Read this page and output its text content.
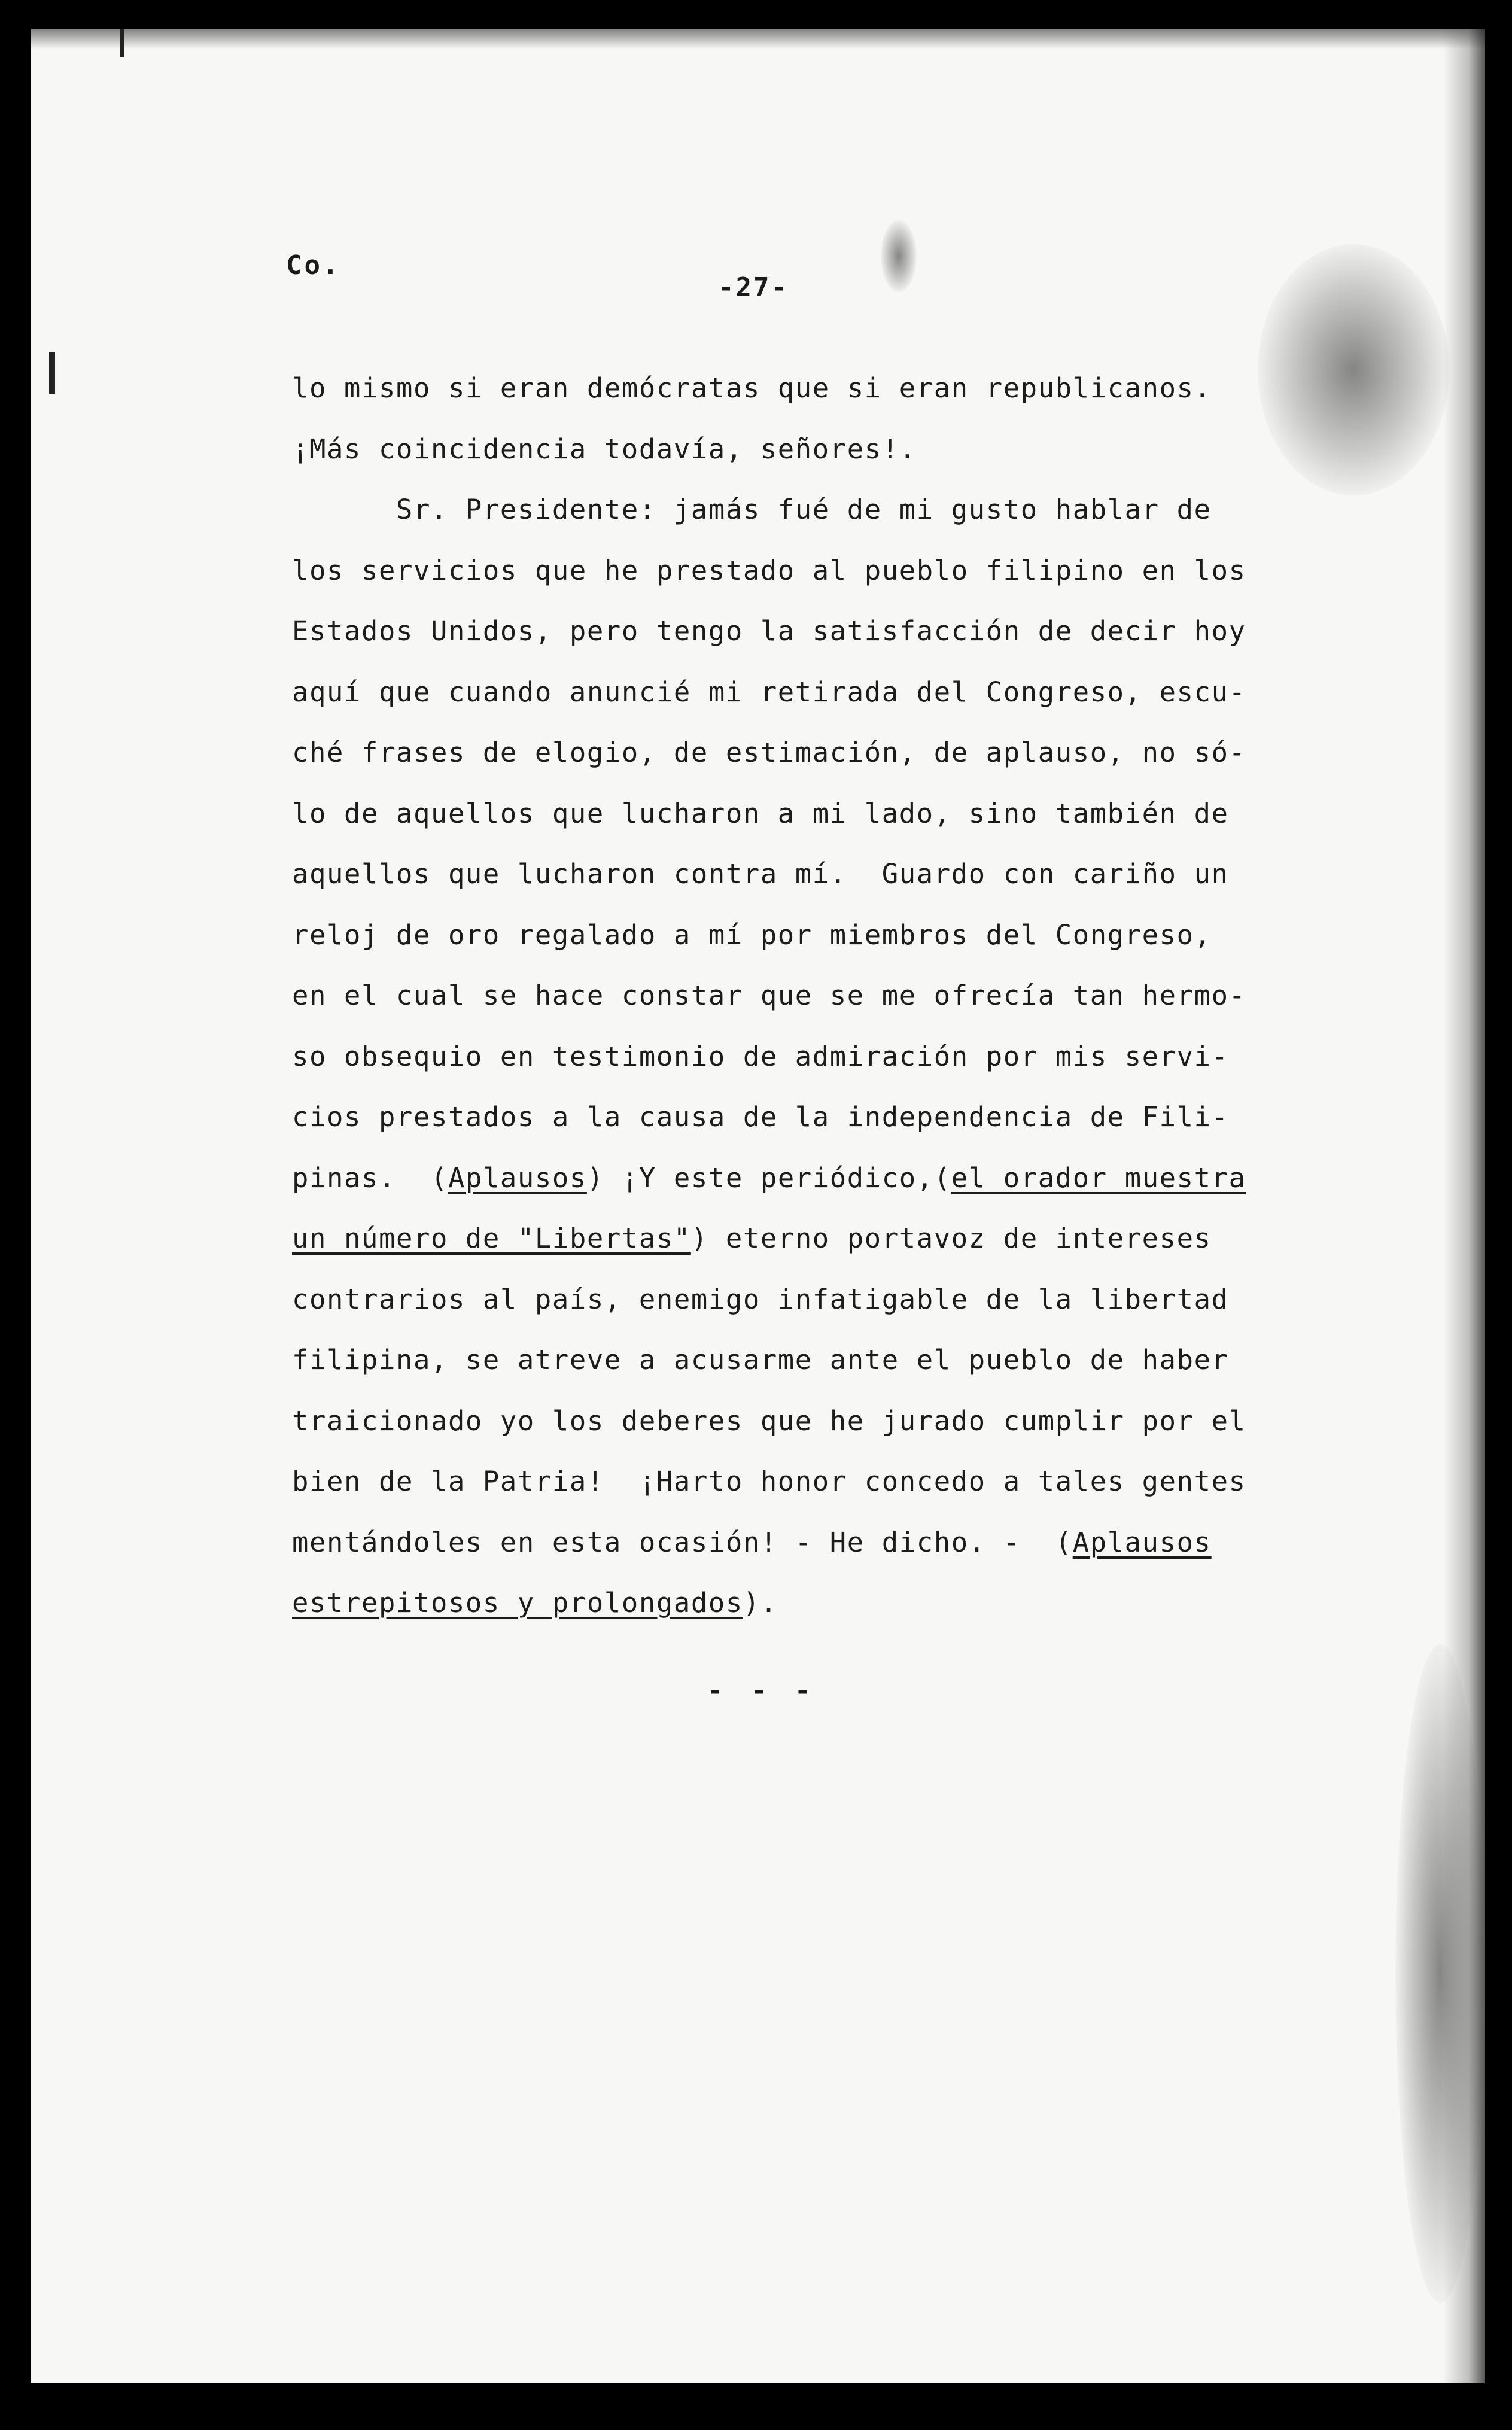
Co.
-27-
lo mismo si eran demócratas que si eran republicanos.
¡Más coincidencia todavía, señores!.
Sr. Presidente: jamás fué de mi gusto hablar de
los servicios que he prestado al pueblo filipino en los
Estados Unidos, pero tengo la satisfacción de decir hoy
aquí que cuando anuncié mi retirada del Congreso, escu-
ché frases de elogio, de estimación, de aplauso, no só-
lo de aquellos que lucharon a mi lado, sino también de
aquellos que lucharon contra mí.  Guardo con cariño un
reloj de oro regalado a mí por miembros del Congreso,
en el cual se hace constar que se me ofrecía tan hermo-
so obsequio en testimonio de admiración por mis servi-
cios prestados a la causa de la independencia de Fili-
pinas.  (Aplausos) ¡Y este periódico,(el orador muestra
un número de "Libertas") eterno portavoz de intereses
contrarios al país, enemigo infatigable de la libertad
filipina, se atreve a acusarme ante el pueblo de haber
traicionado yo los deberes que he jurado cumplir por el
bien de la Patria!  ¡Harto honor concedo a tales gentes
mentándoles en esta ocasión! - He dicho. -  (Aplausos
estrepitosos y prolongados).
- - -
